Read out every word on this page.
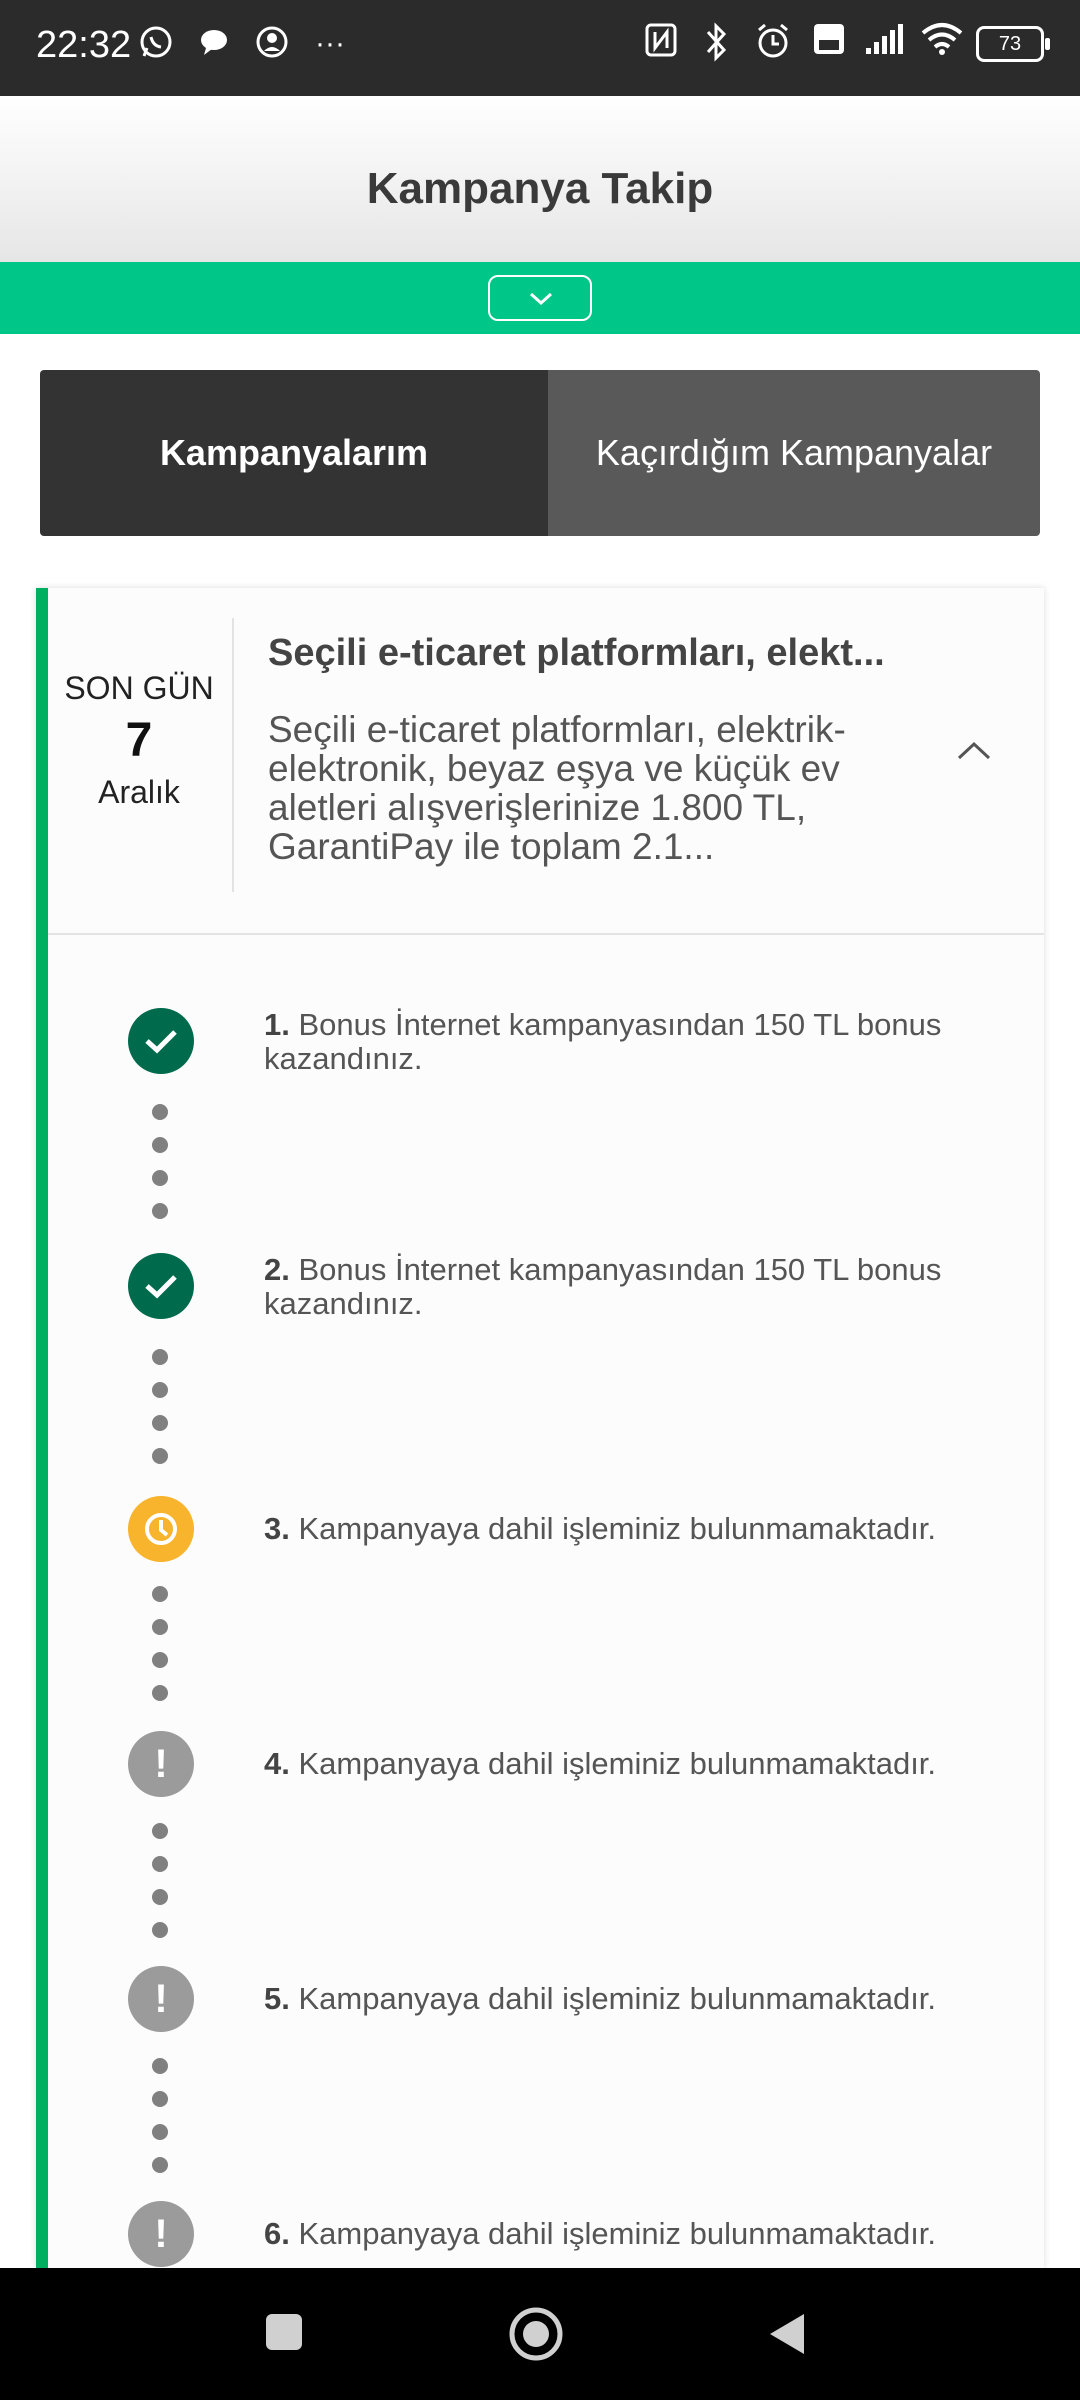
22:32	···	73
Kampanya Takip
Kampanyalarım	Kaçırdığım Kampanyalar
SON GÜN
7
Aralık
Seçili e-ticaret platformları, elekt...
Seçili e-ticaret platformları, elektrik-elektronik, beyaz eşya ve küçük ev aletleri alışverişlerinize 1.800 TL, GarantiPay ile toplam 2.1...
1. Bonus İnternet kampanyasından 150 TL bonus kazandınız.
2. Bonus İnternet kampanyasından 150 TL bonus kazandınız.
3. Kampanyaya dahil işleminiz bulunmamaktadır.
!	4. Kampanyaya dahil işleminiz bulunmamaktadır.
!	5. Kampanyaya dahil işleminiz bulunmamaktadır.
!	6. Kampanyaya dahil işleminiz bulunmamaktadır.
